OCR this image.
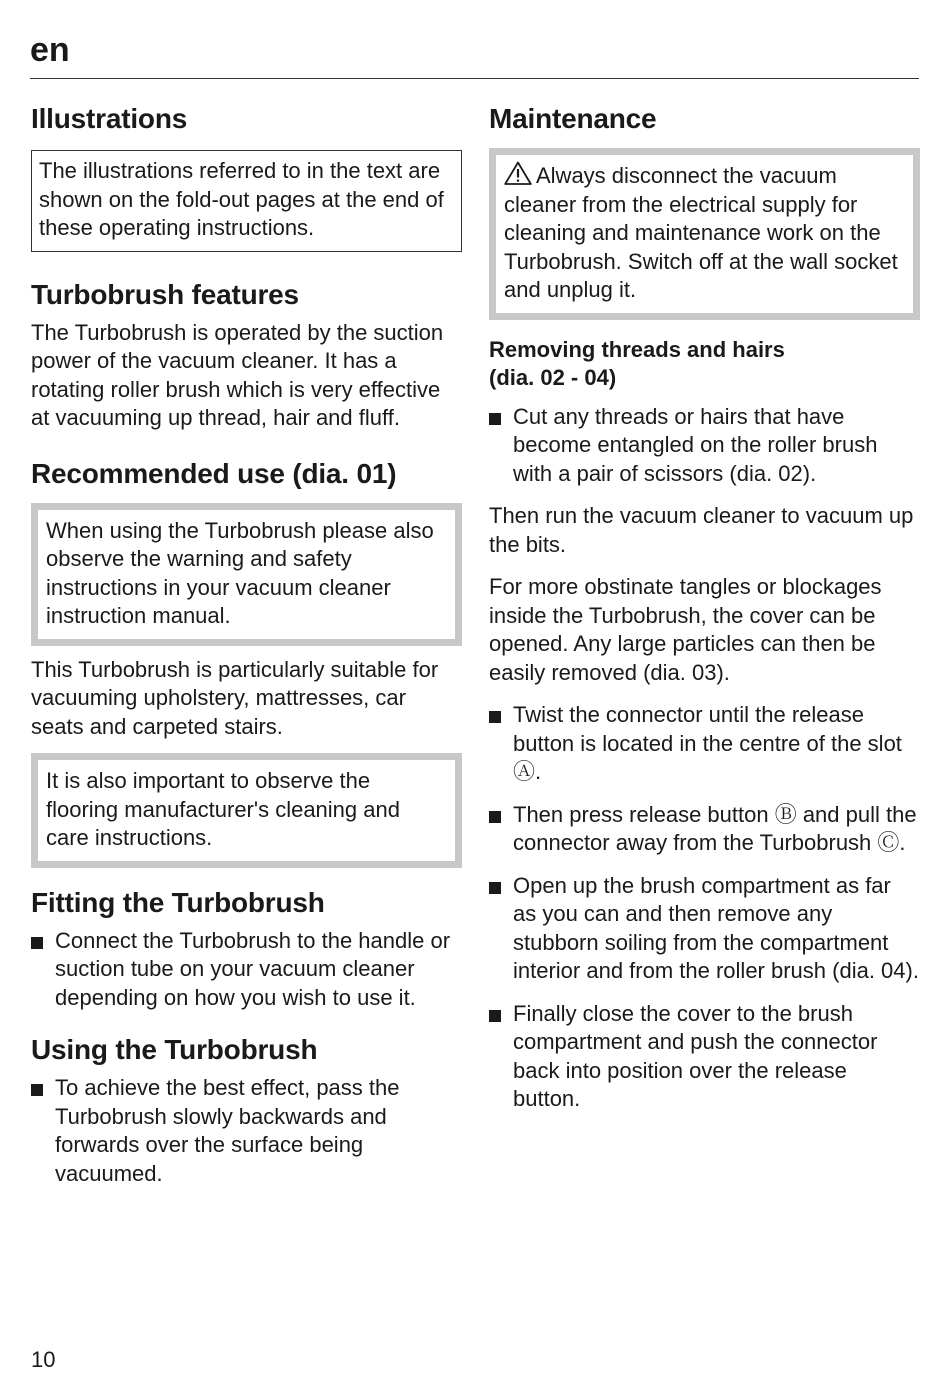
en
Illustrations

The illustrations referred to in the text are shown on the fold-out pages at the end of these operating instructions.

Turbobrush features

The Turbobrush is operated by the suction power of the vacuum cleaner. It has a rotating roller brush which is very effective at vacuuming up thread, hair and fluff.

Recommended use (dia. 01)

When using the Turbobrush please also observe the warning and safety instructions in your vacuum cleaner instruction manual.

This Turbobrush is particularly suitable for vacuuming upholstery, mattresses, car seats and carpeted stairs.

It is also important to observe the flooring manufacturer's cleaning and care instructions.

Fitting the Turbobrush
Connect the Turbobrush to the handle or suction tube on your vacuum cleaner depending on how you wish to use it.
Using the Turbobrush
To achieve the best effect, pass the Turbobrush slowly backwards and forwards over the surface being vacuumed.
Maintenance

Always disconnect the vacuum cleaner from the electrical supply for cleaning and maintenance work on the Turbobrush. Switch off at the wall socket and unplug it.

Removing threads and hairs

(dia. 02 - 04)

Cut any threads or hairs that have become entangled on the roller brush with a pair of scissors (dia. 02).

Then run the vacuum cleaner to vacuum up the bits.

For more obstinate tangles or blockages inside the Turbobrush, the cover can be opened. Any large particles can then be easily removed (dia. 03).

Twist the connector until the release button is located in the centre of the slot Ⓐ.
Then press release button Ⓑ and pull the connector away from the Turbobrush Ⓒ.
Open up the brush compartment as far as you can and then remove any stubborn soiling from the compartment interior and from the roller brush (dia. 04).
Finally close the cover to the brush compartment and push the connector back into position over the release button.
10
